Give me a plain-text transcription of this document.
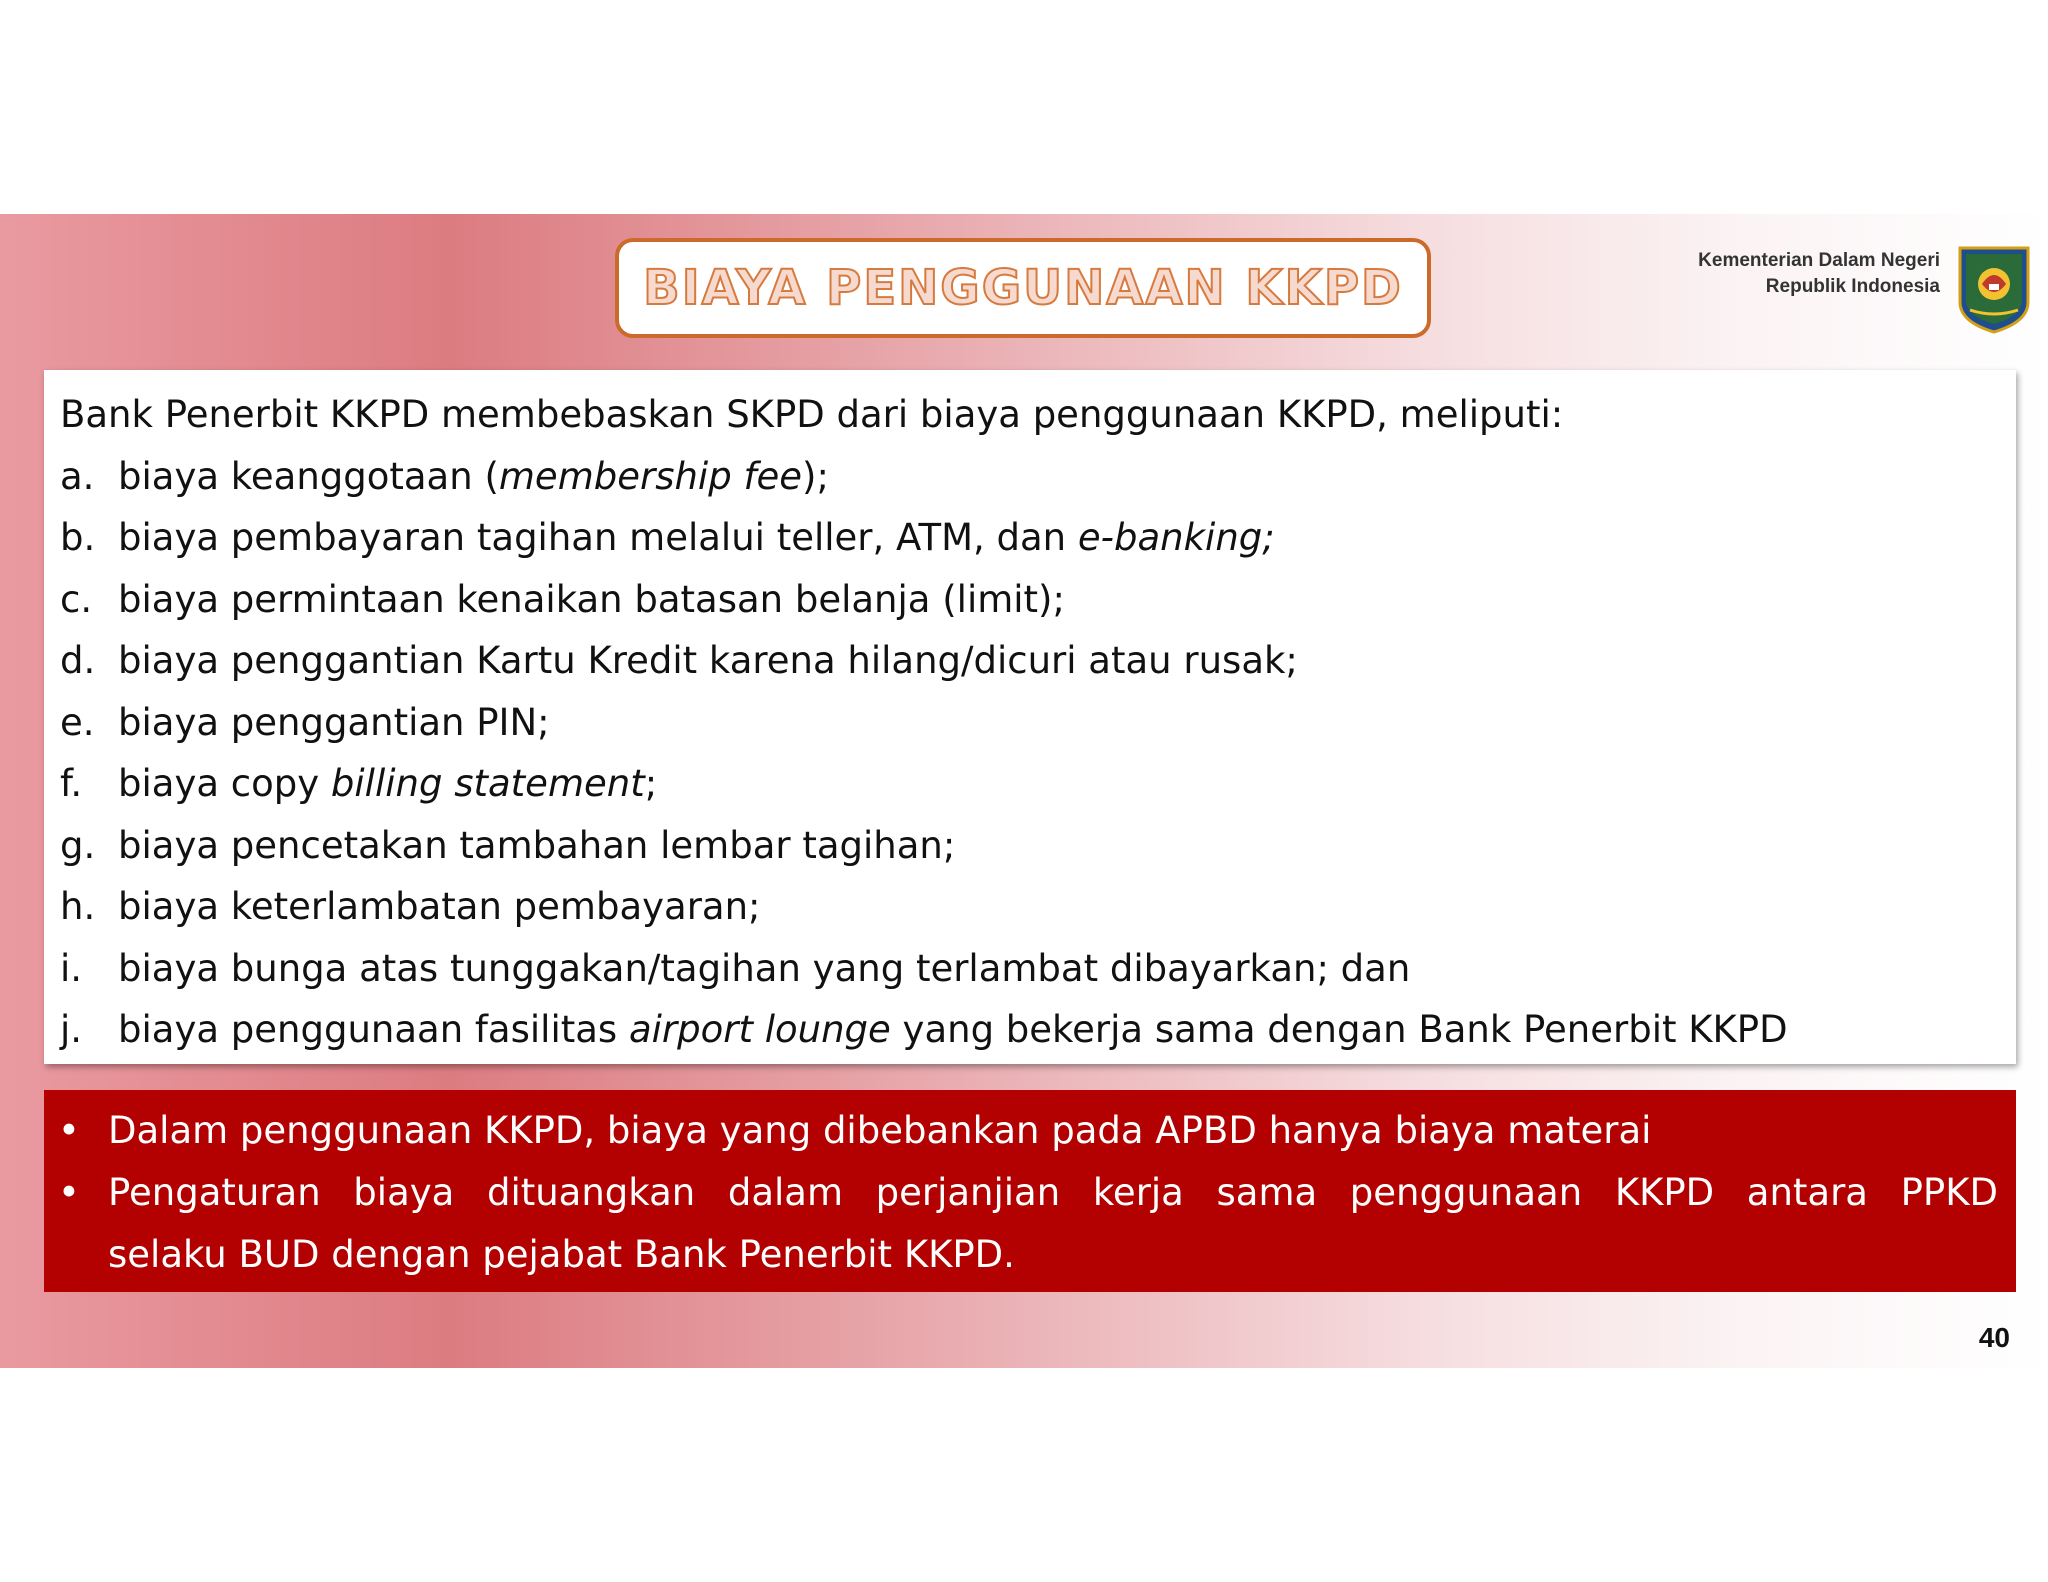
BIAYA PENGGUNAAN KKPD	Kementerian Dalam Negeri
Republik Indonesia
Bank Penerbit KKPD membebaskan SKPD dari biaya penggunaan KKPD, meliputi:
a. biaya keanggotaan (membership fee);
b. biaya pembayaran tagihan melalui teller, ATM, dan e-banking;
c. biaya permintaan kenaikan batasan belanja (limit);
d. biaya penggantian Kartu Kredit karena hilang/dicuri atau rusak;
e. biaya penggantian PIN;
f. biaya copy billing statement;
g. biaya pencetakan tambahan lembar tagihan;
h. biaya keterlambatan pembayaran;
i. biaya bunga atas tunggakan/tagihan yang terlambat dibayarkan; dan
j. biaya penggunaan fasilitas airport lounge yang bekerja sama dengan Bank Penerbit KKPD
• Dalam penggunaan KKPD, biaya yang dibebankan pada APBD hanya biaya materai
• Pengaturan biaya dituangkan dalam perjanjian kerja sama penggunaan KKPD antara PPKD
selaku BUD dengan pejabat Bank Penerbit KKPD.
40
